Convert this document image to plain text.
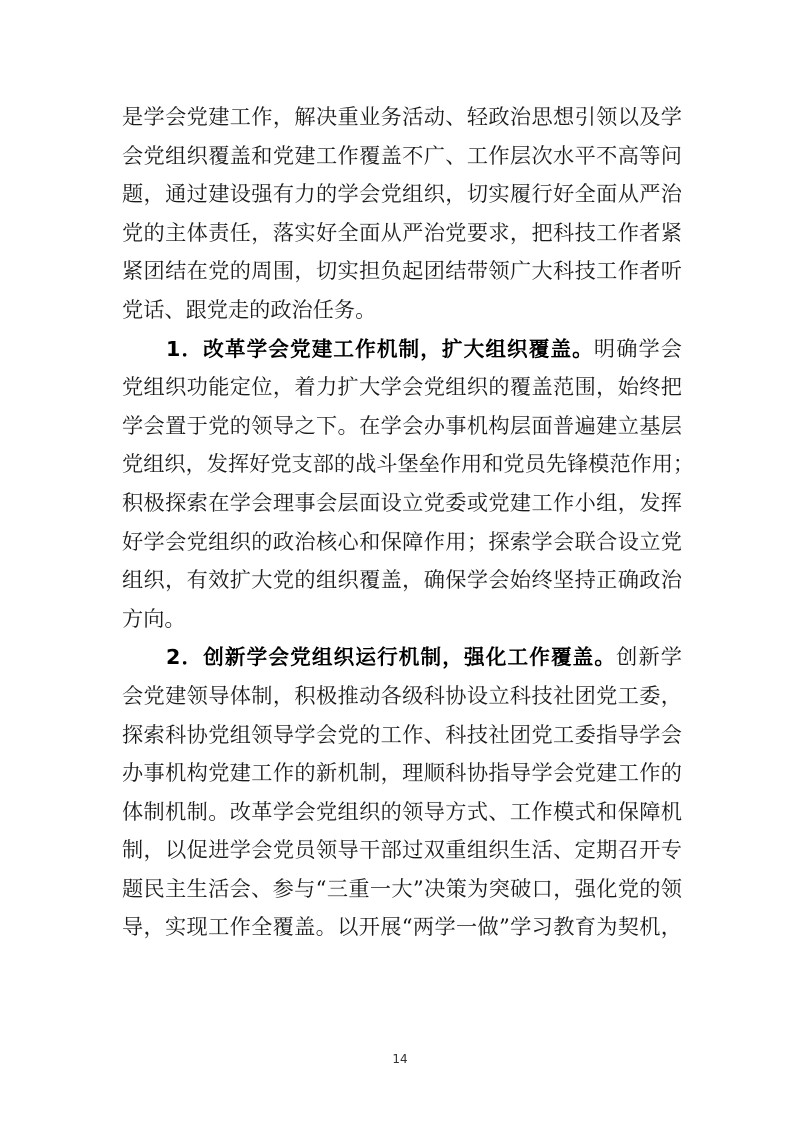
是学会党建工作，解决重业务活动、轻政治思想引领以及学
会党组织覆盖和党建工作覆盖不广、工作层次水平不高等问
题，通过建设强有力的学会党组织，切实履行好全面从严治
党的主体责任，落实好全面从严治党要求，把科技工作者紧
紧团结在党的周围，切实担负起团结带领广大科技工作者听
党话、跟党走的政治任务。
1．改革学会党建工作机制，扩大组织覆盖。明确学会
党组织功能定位，着力扩大学会党组织的覆盖范围，始终把
学会置于党的领导之下。在学会办事机构层面普遍建立基层
党组织，发挥好党支部的战斗堡垒作用和党员先锋模范作用；
积极探索在学会理事会层面设立党委或党建工作小组，发挥
好学会党组织的政治核心和保障作用；探索学会联合设立党
组织，有效扩大党的组织覆盖，确保学会始终坚持正确政治
方向。
2．创新学会党组织运行机制，强化工作覆盖。创新学
会党建领导体制，积极推动各级科协设立科技社团党工委，
探索科协党组领导学会党的工作、科技社团党工委指导学会
办事机构党建工作的新机制，理顺科协指导学会党建工作的
体制机制。改革学会党组织的领导方式、工作模式和保障机
制，以促进学会党员领导干部过双重组织生活、定期召开专
题民主生活会、参与“三重一大”决策为突破口，强化党的领
导，实现工作全覆盖。以开展“两学一做”学习教育为契机，
14
